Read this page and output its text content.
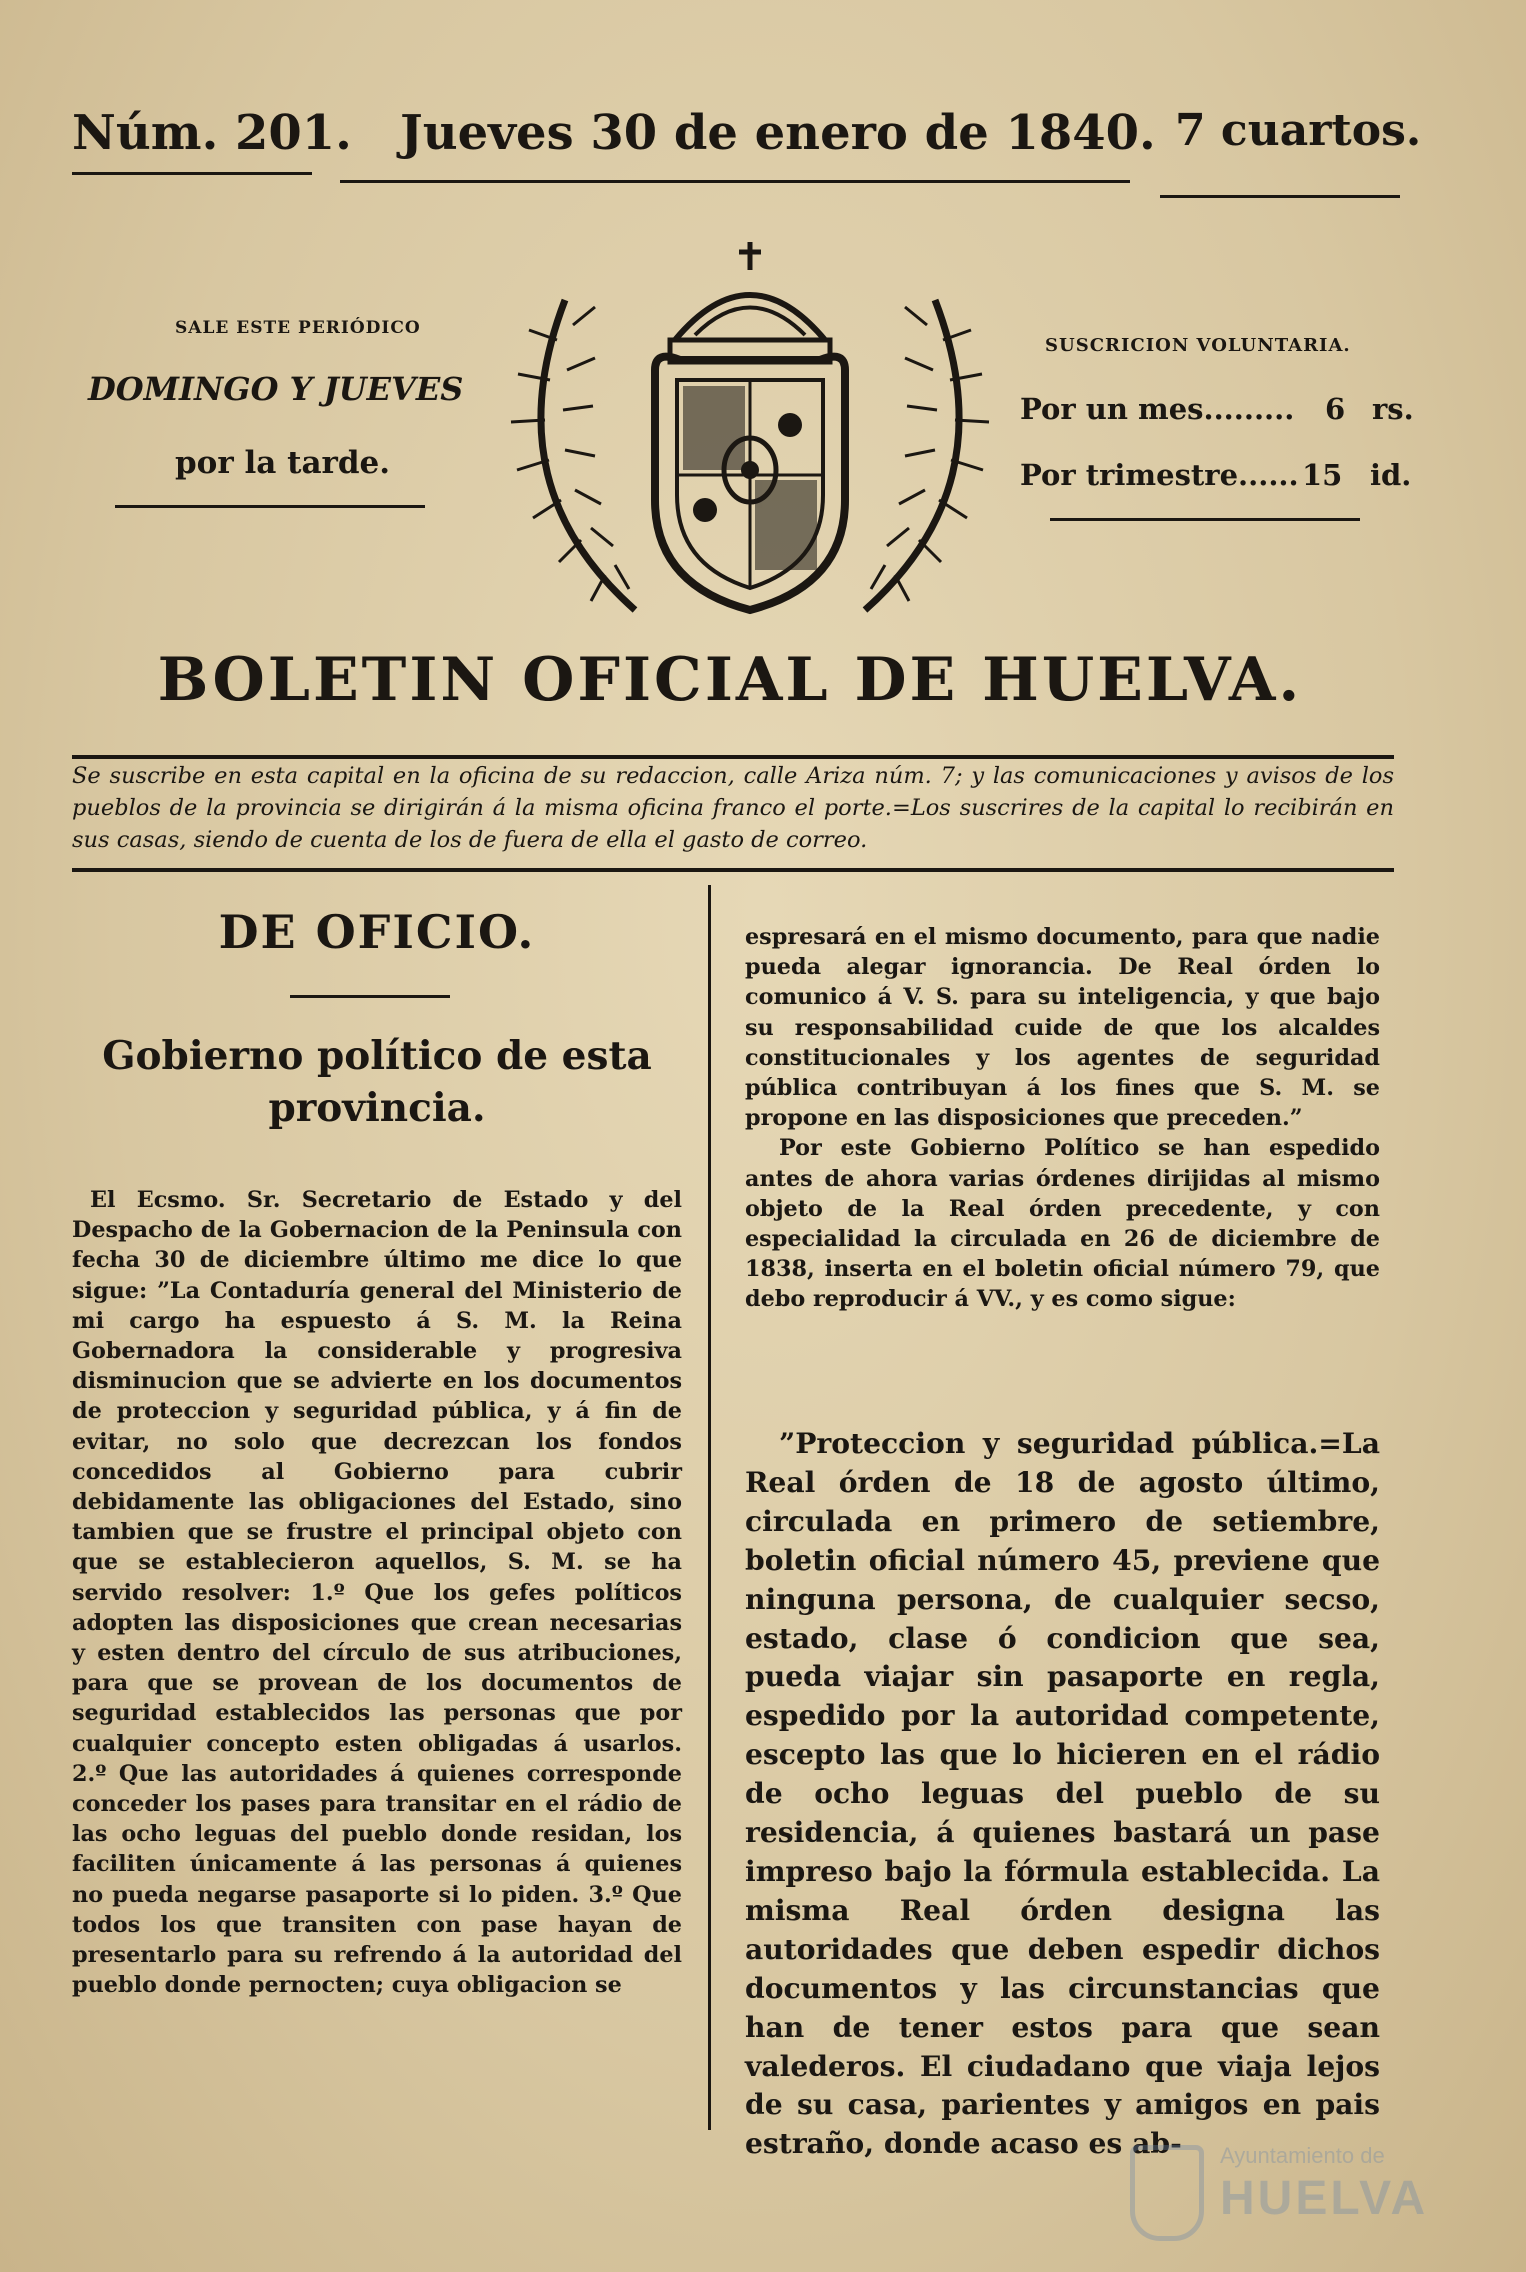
Núm. 201. Jueves 30 de enero de 1840. 7 cuartos.
SALE ESTE PERIÓDICO
DOMINGO Y JUEVES
por la tarde.
SUSCRICION VOLUNTARIA.
Por un mes......... 6 rs.
Por trimestre...... 15 id.
BOLETIN OFICIAL DE HUELVA.
Se suscribe en esta capital en la oficina de su redaccion, calle Ariza núm. 7; y las comunicaciones y avisos de los pueblos de la provincia se dirigirán á la misma oficina franco el porte.=Los suscrires de la capital lo recibirán en sus casas, siendo de cuenta de los de fuera de ella el gasto de correo.
DE OFICIO.
Gobierno político de esta provincia.
El Ecsmo. Sr. Secretario de Estado y del Despacho de la Gobernacion de la Peninsula con fecha 30 de diciembre último me dice lo que sigue: ”La Contaduría general del Ministerio de mi cargo ha espuesto á S. M. la Reina Gobernadora la considerable y progresiva disminucion que se advierte en los documentos de proteccion y seguridad pública, y á fin de evitar, no solo que decrezcan los fondos concedidos al Gobierno para cubrir debidamente las obligaciones del Estado, sino tambien que se frustre el principal objeto con que se establecieron aquellos, S. M. se ha servido resolver: 1.º Que los gefes políticos adopten las disposiciones que crean necesarias y esten dentro del círculo de sus atribuciones, para que se provean de los documentos de seguridad establecidos las personas que por cualquier concepto esten obligadas á usarlos. 2.º Que las autoridades á quienes corresponde conceder los pases para transitar en el rádio de las ocho leguas del pueblo donde residan, los faciliten únicamente á las personas á quienes no pueda negarse pasaporte si lo piden. 3.º Que todos los que transiten con pase hayan de presentarlo para su refrendo á la autoridad del pueblo donde pernocten; cuya obligacion se

espresará en el mismo documento, para que nadie pueda alegar ignorancia. De Real órden lo comunico á V. S. para su inteligencia, y que bajo su responsabilidad cuide de que los alcaldes constitucionales y los agentes de seguridad pública contribuyan á los fines que S. M. se propone en las disposiciones que preceden.”

Por este Gobierno Político se han espedido antes de ahora varias órdenes dirijidas al mismo objeto de la Real órden precedente, y con especialidad la circulada en 26 de diciembre de 1838, inserta en el boletin oficial número 79, que debo reproducir á VV., y es como sigue:

”Proteccion y seguridad pública.=La Real órden de 18 de agosto último, circulada en primero de setiembre, boletin oficial número 45, previene que ninguna persona, de cualquier secso, estado, clase ó condicion que sea, pueda viajar sin pasaporte en regla, espedido por la autoridad competente, escepto las que lo hicieren en el rádio de ocho leguas del pueblo de su residencia, á quienes bastará un pase impreso bajo la fórmula establecida. La misma Real órden designa las autoridades que deben espedir dichos documentos y las circunstancias que han de tener estos para que sean valederos. El ciudadano que viaja lejos de su casa, parientes y amigos en pais estraño, donde acaso es ab-	Ayuntamiento de
HUELVA
